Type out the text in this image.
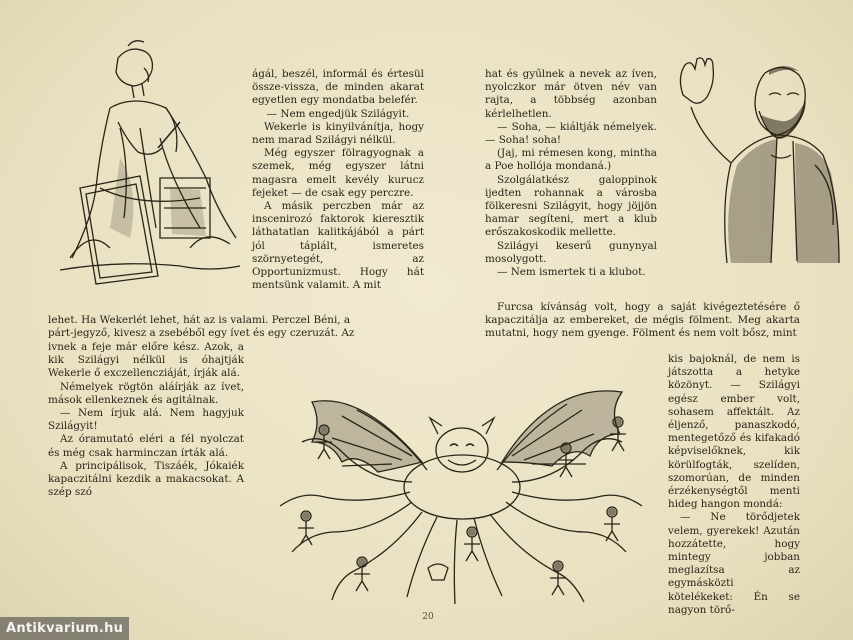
ágál, beszél, informál és értesül össze-vissza, de minden akarat egyetlen egy mondatba belefér.

— Nem engedjük Szilágyit.

Wekerle is kinyilvánítja, hogy nem marad Szilágyi nélkül.

Még egyszer fölragyognak a szemek, még egyszer látni magasra emelt kevély kurucz fejeket — de csak egy perczre.

A másik perczben már az inscenirozó faktorok kieresztik láthatatlan kalitkájából a párt jól táplált, ismeretes szörnyetegét, az Opportunizmust. Hogy hát mentsünk valamit. A mit

hat és gyűlnek a nevek az íven, nyolczkor már ötven név van rajta, a többség azonban kérlelhetlen.

— Soha, — kiáltják némelyek. — Soha! soha!

(Jaj, mi rémesen kong, mintha a Poe hollója mondaná.)

Szolgálatkész galoppinok ijedten rohannak a városba fölkeresni Szilágyit, hogy jöjjön hamar segíteni, mert a klub erőszakoskodik mellette.

Szilágyi keserű gunynyal mosolygott.

— Nem ismertek ti a klubot.

lehet. Ha Wekerlét lehet, hát az is valami. Perczel Béni, a

párt-jegyző, kivesz a zsebéből egy ívet és egy czeruzát. Az

Furcsa kívánság volt, hogy a saját kivégeztetésére ő kapaczitálja az embereket, de mégis fölment. Meg akarta mutatni, hogy nem gyenge. Fölment és nem volt bősz, mint

ivnek a feje már előre kész. Azok, a kik Szilágyi nélkül is óhajtják Wekerle ő exczellencziáját, írják alá.

Némelyek rögtön aláírják az ívet, mások ellenkeznek és agitálnak.

— Nem írjuk alá. Nem hagyjuk Szilágyit!

Az óramutató eléri a fél nyolczat és még csak harminczan írták alá.

A principálisok, Tiszáék, Jókaiék kapaczitálni kezdik a makacsokat. A szép szó

kis bajoknál, de nem is játszotta a hetyke közönyt. — Szilágyi egész ember volt, sohasem affektált. Az éljenző, panaszkodó, mentegetőző és kifakadó képviselőknek, kik körülfogták, szelíden, szomorúan, de minden érzékenységtől menti hideg hangon mondá:

— Ne törődjetek velem, gyerekek! Azután hozzátette, hogy mintegy jobban meglazítsa az egymásközti kötelékeket: Én se nagyon törő-

20
Antikvarium.hu
